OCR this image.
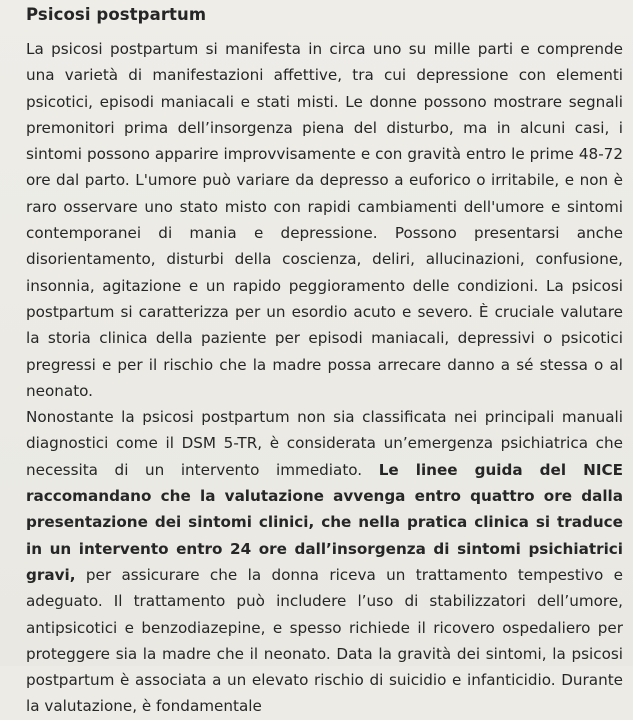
Psicosi postpartum

La psicosi postpartum si manifesta in circa uno su mille parti e comprende una varietà di manifestazioni affettive, tra cui depressione con elementi psicotici, episodi maniacali e stati misti. Le donne possono mostrare segnali premonitori prima dell’insorgenza piena del disturbo, ma in alcuni casi, i sintomi possono apparire improvvisamente e con gravità entro le prime 48-72 ore dal parto. L'umore può variare da depresso a euforico o irritabile, e non è raro osservare uno stato misto con rapidi cambiamenti dell'umore e sintomi contemporanei di mania e depressione. Possono presentarsi anche disorientamento, disturbi della coscienza, deliri, allucinazioni, confusione, insonnia, agitazione e un rapido peggioramento delle condizioni. La psicosi postpartum si caratterizza per un esordio acuto e severo. È cruciale valutare la storia clinica della paziente per episodi maniacali, depressivi o psicotici pregressi e per il rischio che la madre possa arrecare danno a sé stessa o al neonato.

Nonostante la psicosi postpartum non sia classificata nei principali manuali diagnostici come il DSM 5-TR, è considerata un’emergenza psichiatrica che necessita di un intervento immediato. Le linee guida del NICE raccomandano che la valutazione avvenga entro quattro ore dalla presentazione dei sintomi clinici, che nella pratica clinica si traduce in un intervento entro 24 ore dall’insorgenza di sintomi psichiatrici gravi, per assicurare che la donna riceva un trattamento tempestivo e adeguato. Il trattamento può includere l’uso di stabilizzatori dell’umore, antipsicotici e benzodiazepine, e spesso richiede il ricovero ospedaliero per proteggere sia la madre che il neonato. Data la gravità dei sintomi, la psicosi postpartum è associata a un elevato rischio di suicidio e infanticidio. Durante la valutazione, è fondamentale
